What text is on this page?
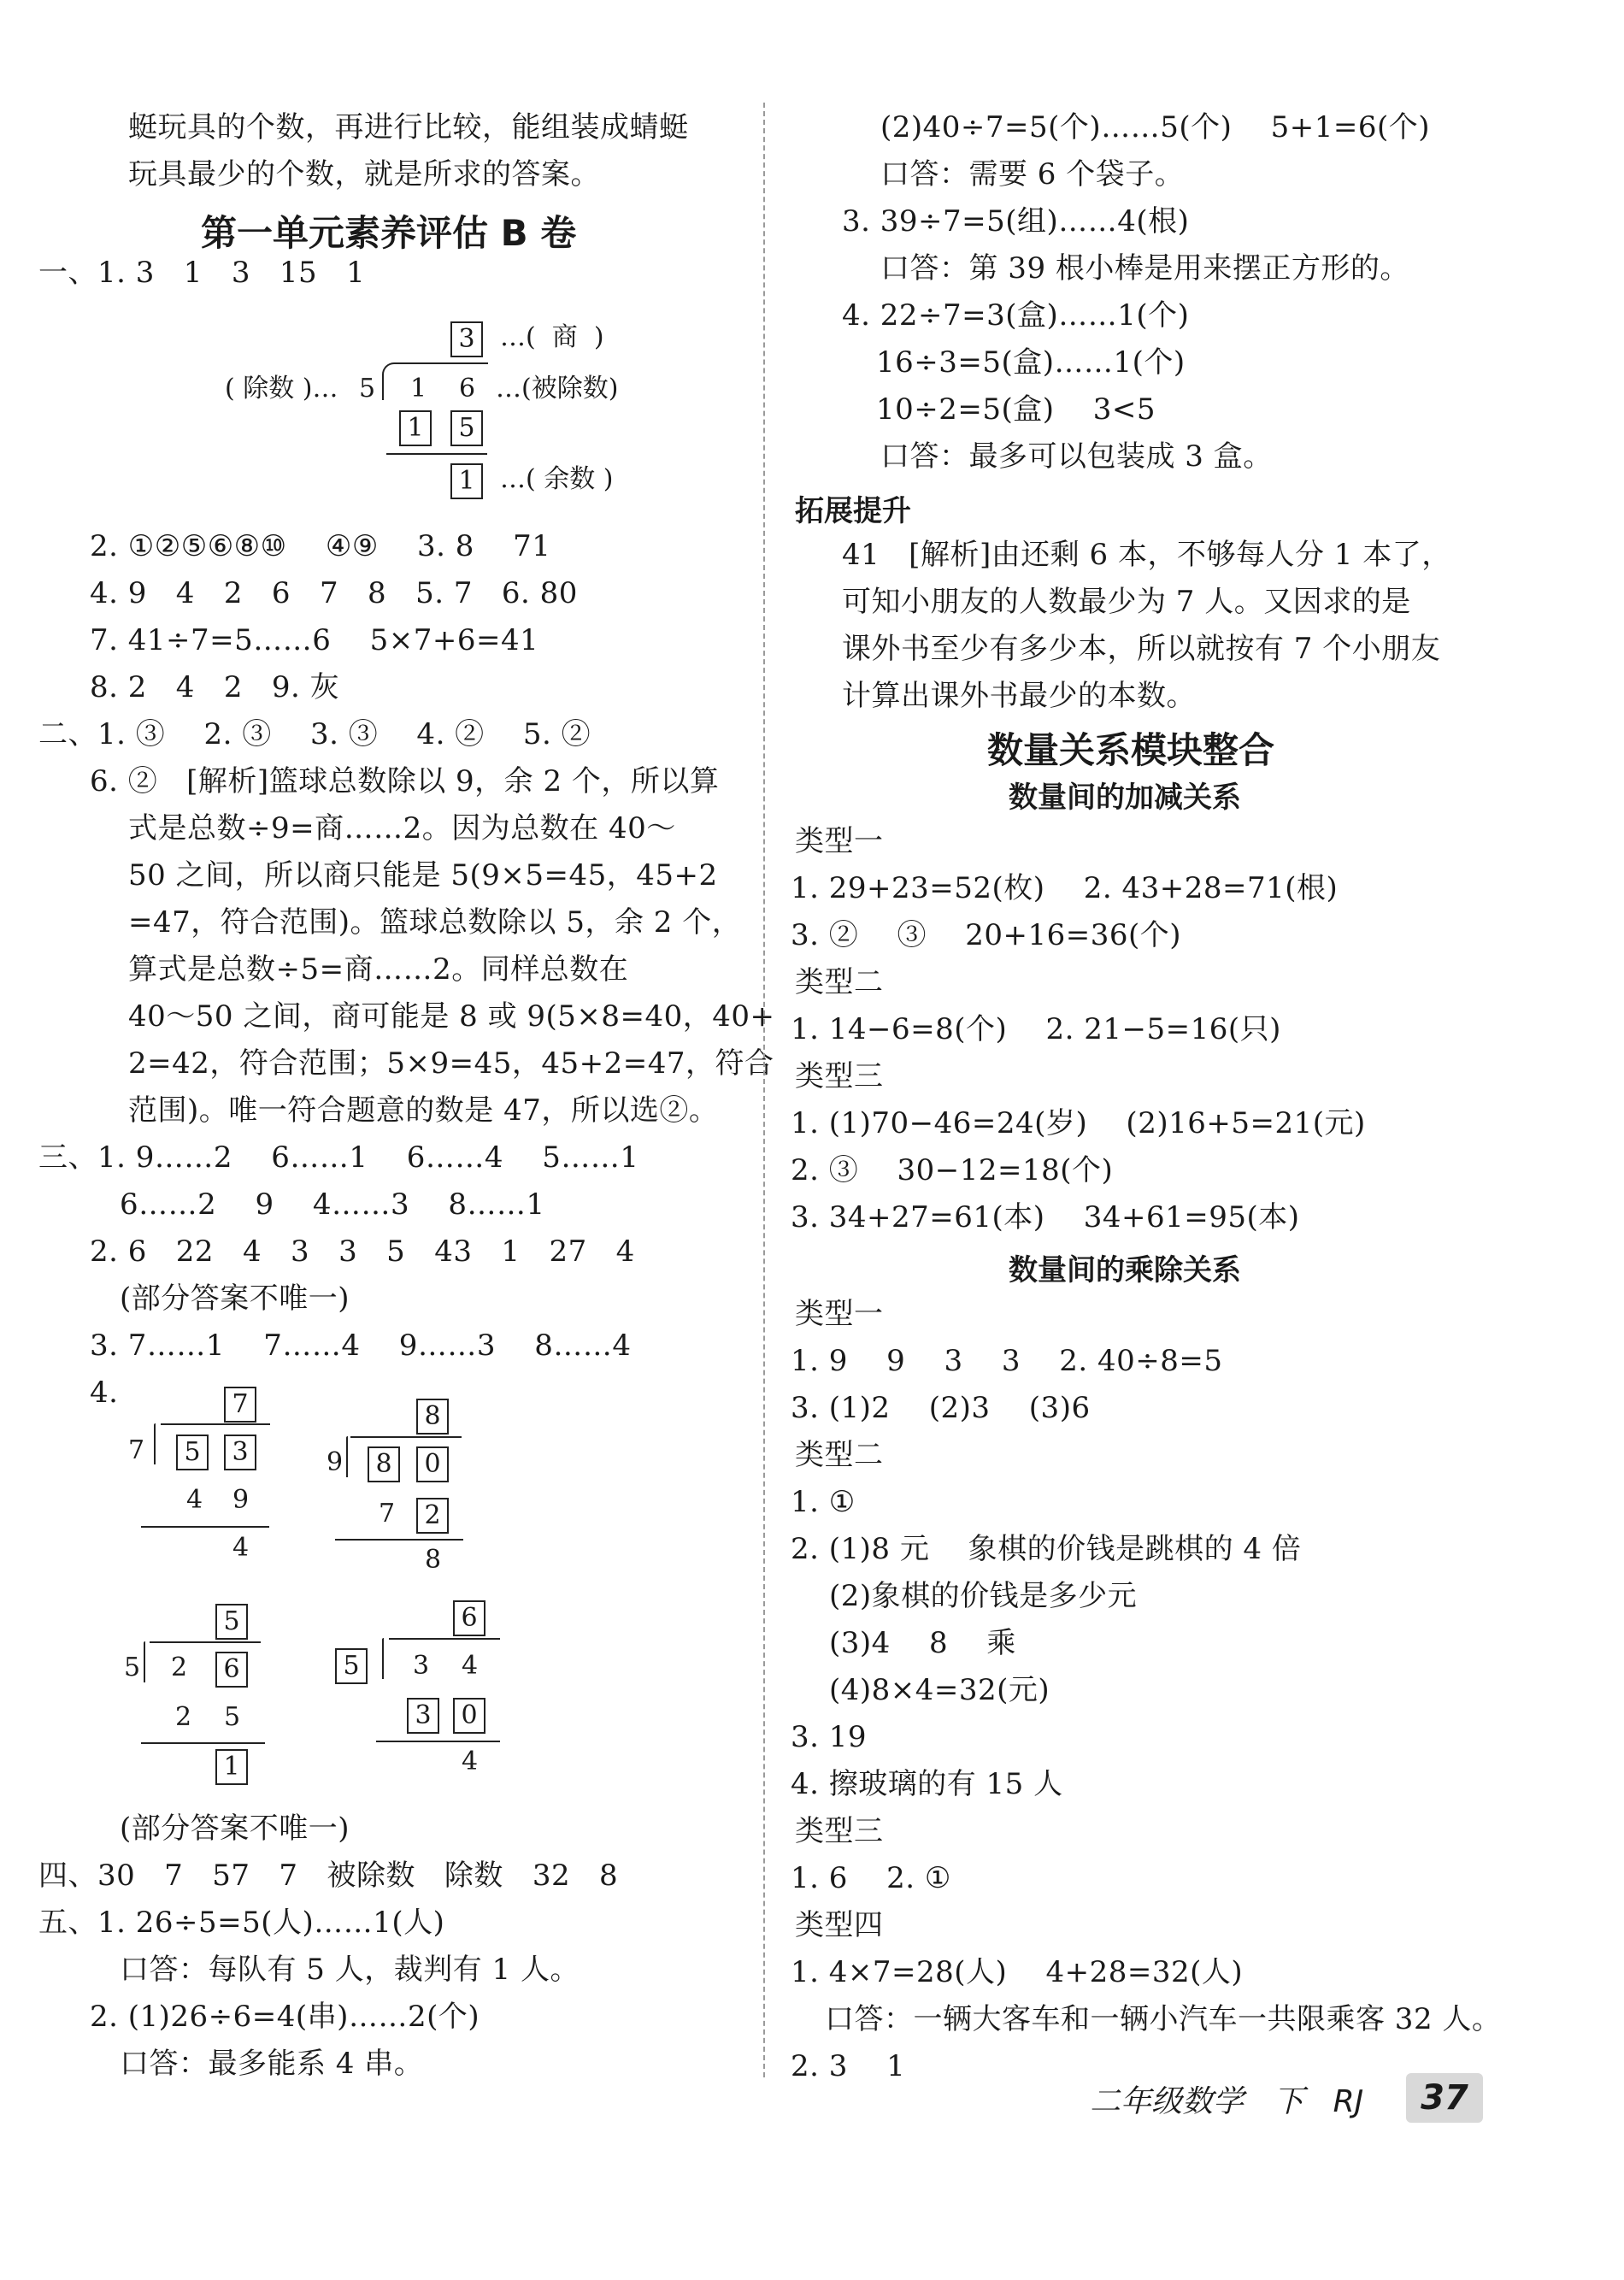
蜓玩具的个数，再进行比较，能组装成蜻蜓
玩具最少的个数，就是所求的答案。
第一单元素养评估 B 卷
一、1. 3   1   3   15   1
3 …(  商  )
( 除数 )… 5 1 6 …(被除数)
1	5
1 …( 余数 )
2. ①②⑤⑥⑧⑩    ④⑨    3. 8    71
4. 9   4   2   6   7   8   5. 7   6. 80
7. 41÷7=5……6    5×7+6=41
8. 2   4   2   9. 灰
二、1. ③    2. ③    3. ③    4. ②    5. ②
6. ②   [解析]篮球总数除以 9，余 2 个，所以算
式是总数÷9=商……2。因为总数在 40～
50 之间，所以商只能是 5(9×5=45，45+2
=47，符合范围)。篮球总数除以 5，余 2 个，
算式是总数÷5=商……2。同样总数在
40～50 之间，商可能是 8 或 9(5×8=40，40+
2=42，符合范围；5×9=45，45+2=47，符合
范围)。唯一符合题意的数是 47，所以选②。
三、1. 9……2    6……1    6……4    5……1
6……2    9    4……3    8……1
2. 6   22   4   3   3   5   43   1   27   4
(部分答案不唯一)
3. 7……1    7……4    9……3    8……4
4.	7
7	5	3
4 9
4
8
9	8	0
7	2
8
5
5 2	6
2 5
1
6
5	3 4
3	0
4
(部分答案不唯一)
四、30   7   57   7   被除数   除数   32   8
五、1. 26÷5=5(人)……1(人)
口答：每队有 5 人，裁判有 1 人。
2. (1)26÷6=4(串)……2(个)
口答：最多能系 4 串。
(2)40÷7=5(个)……5(个)    5+1=6(个)
口答：需要 6 个袋子。
3. 39÷7=5(组)……4(根)
口答：第 39 根小棒是用来摆正方形的。
4. 22÷7=3(盒)……1(个)
16÷3=5(盒)……1(个)
10÷2=5(盒)    3<5
口答：最多可以包装成 3 盒。
拓展提升
41   [解析]由还剩 6 本，不够每人分 1 本了，
可知小朋友的人数最少为 7 人。又因求的是
课外书至少有多少本，所以就按有 7 个小朋友
计算出课外书最少的本数。
数量关系模块整合
数量间的加减关系
类型一
1. 29+23=52(枚)    2. 43+28=71(根)
3. ②    ③    20+16=36(个)
类型二
1. 14−6=8(个)    2. 21−5=16(只)
类型三
1. (1)70−46=24(岁)    (2)16+5=21(元)
2. ③    30−12=18(个)
3. 34+27=61(本)    34+61=95(本)
数量间的乘除关系
类型一
1. 9    9    3    3    2. 40÷8=5
3. (1)2    (2)3    (3)6
类型二
1. ①
2. (1)8 元    象棋的价钱是跳棋的 4 倍
(2)象棋的价钱是多少元
(3)4    8    乘
(4)8×4=32(元)
3. 19
4. 擦玻璃的有 15 人
类型三
1. 6    2. ①
类型四
1. 4×7=28(人)    4+28=32(人)
口答：一辆大客车和一辆小汽车一共限乘客 32 人。
2. 3    1
二年级数学   下   RJ	37
